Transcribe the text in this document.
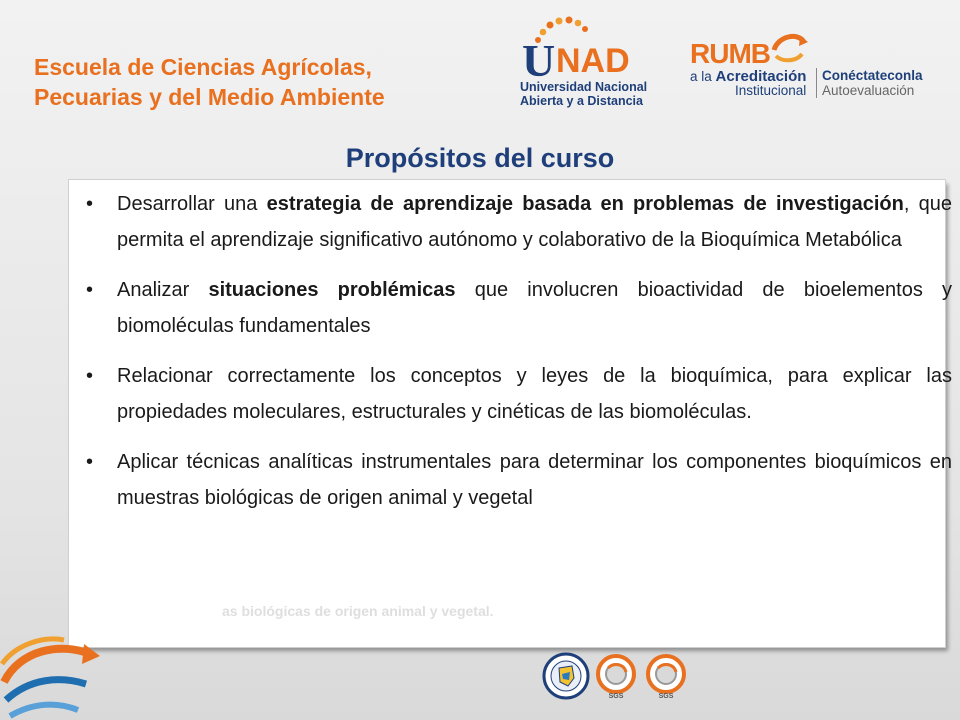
Escuela de Ciencias Agrícolas,
Pecuarias y del Medio Ambiente
U NAD
Universidad Nacional
Abierta y a Distancia
RUMB
a la Acreditación
Institucional
Conéctateconla
Autoevaluación
Propósitos del curso
• Desarrollar una estrategia de aprendizaje basada en problemas de investigación, que permita el aprendizaje significativo autónomo y colaborativo de la Bioquímica Metabólica
• Analizar situaciones problémicas que involucren bioactividad de bioelementos y biomoléculas fundamentales
• Relacionar correctamente los conceptos y leyes de la bioquímica, para explicar las propiedades moleculares, estructurales y cinéticas de las biomoléculas.
• Aplicar técnicas analíticas instrumentales para determinar los componentes bioquímicos en muestras biológicas de origen animal y vegetal
as biológicas de origen animal y vegetal.
SGS	SGS
